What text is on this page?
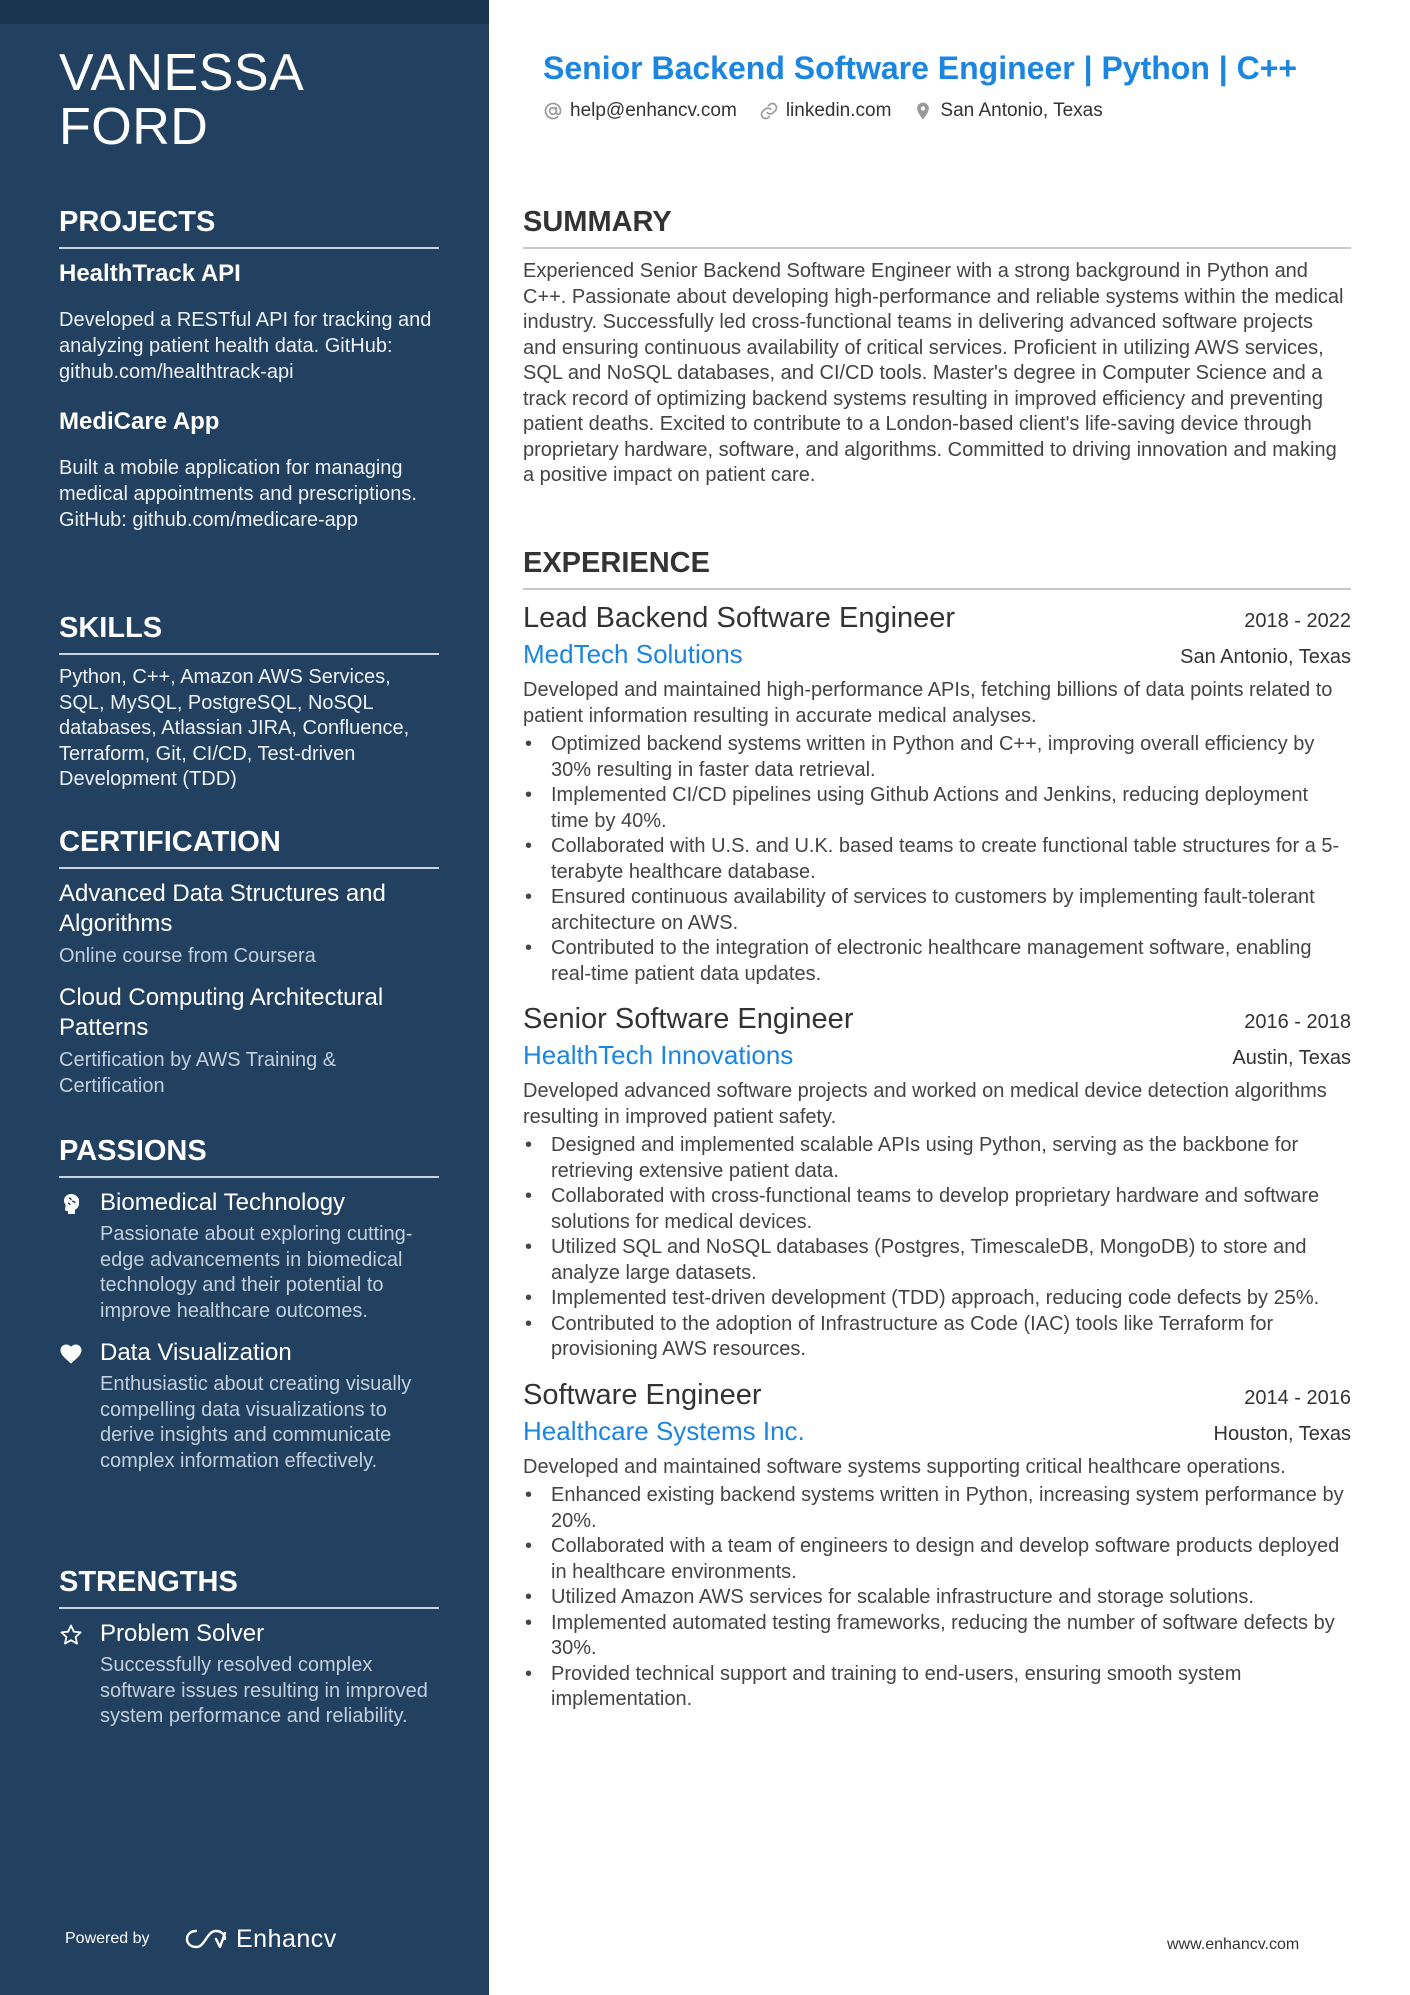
VANESSA
FORD
PROJECTS

HealthTrack API

Developed a RESTful API for tracking and analyzing patient health data. GitHub: github.com/healthtrack-api

MediCare App

Built a mobile application for managing medical appointments and prescriptions. GitHub: github.com/medicare-app

SKILLS

Python, C++, Amazon AWS Services, SQL, MySQL, PostgreSQL, NoSQL databases, Atlassian JIRA, Confluence, Terraform, Git, CI/CD, Test-driven Development (TDD)

CERTIFICATION

Advanced Data Structures and Algorithms

Online course from Coursera

Cloud Computing Architectural Patterns

Certification by AWS Training & Certification

PASSIONS

Biomedical Technology

Passionate about exploring cutting-edge advancements in biomedical technology and their potential to improve healthcare outcomes.

Data Visualization

Enthusiastic about creating visually compelling data visualizations to derive insights and communicate complex information effectively.

STRENGTHS

Problem Solver

Successfully resolved complex software issues resulting in improved system performance and reliability.

Powered by	Enhancv
Senior Backend Software Engineer | Python | C++
help@enhancv.com	linkedin.com	San Antonio, Texas
SUMMARY

Experienced Senior Backend Software Engineer with a strong background in Python and C++. Passionate about developing high-performance and reliable systems within the medical industry. Successfully led cross-functional teams in delivering advanced software projects and ensuring continuous availability of critical services. Proficient in utilizing AWS services, SQL and NoSQL databases, and CI/CD tools. Master's degree in Computer Science and a track record of optimizing backend systems resulting in improved efficiency and preventing patient deaths. Excited to contribute to a London-based client's life-saving device through proprietary hardware, software, and algorithms. Committed to driving innovation and making a positive impact on patient care.

EXPERIENCE

Lead Backend Software Engineer	2018 - 2022

MedTech Solutions	San Antonio, Texas

Developed and maintained high-performance APIs, fetching billions of data points related to patient information resulting in accurate medical analyses.

• Optimized backend systems written in Python and C++, improving overall efficiency by 30% resulting in faster data retrieval.
• Implemented CI/CD pipelines using Github Actions and Jenkins, reducing deployment time by 40%.
• Collaborated with U.S. and U.K. based teams to create functional table structures for a 5-terabyte healthcare database.
• Ensured continuous availability of services to customers by implementing fault-tolerant architecture on AWS.
• Contributed to the integration of electronic healthcare management software, enabling real-time patient data updates.

Senior Software Engineer	2016 - 2018

HealthTech Innovations	Austin, Texas

Developed advanced software projects and worked on medical device detection algorithms resulting in improved patient safety.

• Designed and implemented scalable APIs using Python, serving as the backbone for retrieving extensive patient data.
• Collaborated with cross-functional teams to develop proprietary hardware and software solutions for medical devices.
• Utilized SQL and NoSQL databases (Postgres, TimescaleDB, MongoDB) to store and analyze large datasets.
• Implemented test-driven development (TDD) approach, reducing code defects by 25%.
• Contributed to the adoption of Infrastructure as Code (IAC) tools like Terraform for provisioning AWS resources.

Software Engineer	2014 - 2016

Healthcare Systems Inc.	Houston, Texas

Developed and maintained software systems supporting critical healthcare operations.

• Enhanced existing backend systems written in Python, increasing system performance by 20%.
• Collaborated with a team of engineers to design and develop software products deployed in healthcare environments.
• Utilized Amazon AWS services for scalable infrastructure and storage solutions.
• Implemented automated testing frameworks, reducing the number of software defects by 30%.
• Provided technical support and training to end-users, ensuring smooth system implementation.
www.enhancv.com
